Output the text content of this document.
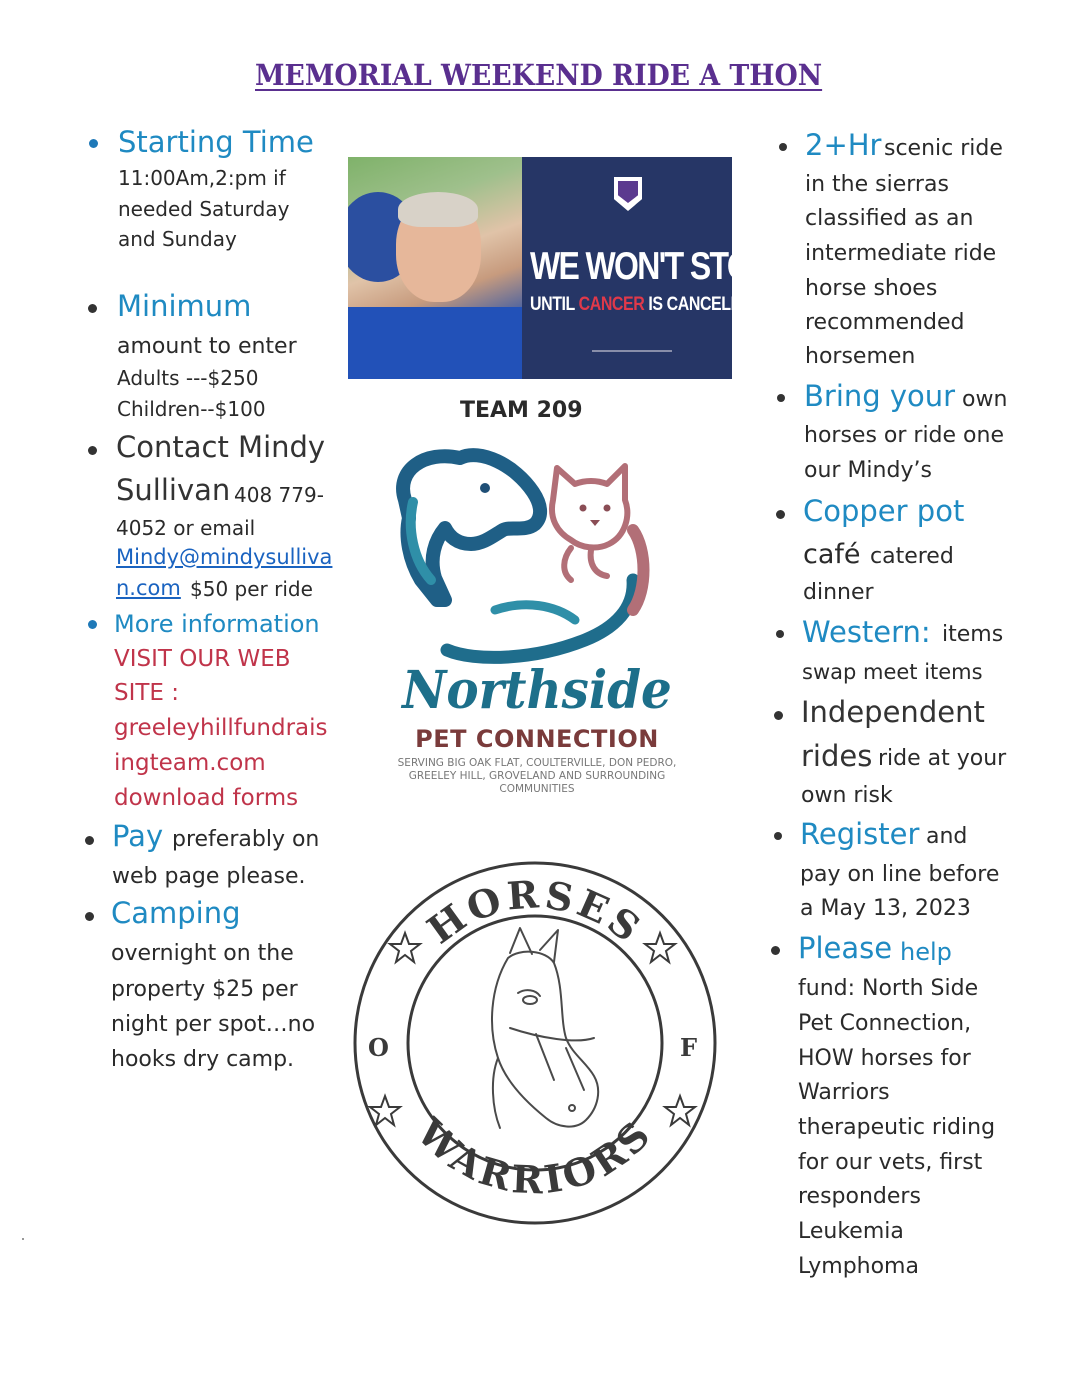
MEMORIAL WEEKEND RIDE A THON
Starting Time
11:00Am,2:pm if
needed Saturday
and Sunday
Minimum
amount to enter
Adults ---$250
Children--$100
Contact Mindy
Sullivan 408 779-
4052 or email
Mindy@mindysulliva
n.com $50 per ride
More information
VISIT OUR WEB
SITE :
greeleyhillfundrais
ingteam.com
download forms
Pay preferably on
web page please.
Camping
overnight on the
property $25 per
night per spot…no
hooks dry camp.
WE WON'T STOP
UNTIL CANCER IS CANCELED.
TEAM 209
Northside
PET CONNECTION
SERVING BIG OAK FLAT, COULTERVILLE, DON PEDRO, GREELEY HILL, GROVELAND AND SURROUNDING COMMUNITIES
HORSES
WARRIORS
O	F
2+Hr scenic ride
in the sierras
classified as an
intermediate ride
horse shoes
recommended
horsemen
Bring your own
horses or ride one
our Mindy’s
Copper pot
café catered
dinner
Western: items
swap meet items
Independent
rides ride at your
own risk
Register and
pay on line before
a May 13, 2023
Please help
fund: North Side
Pet Connection,
HOW horses for
Warriors
therapeutic riding
for our vets, first
responders
Leukemia
Lymphoma
